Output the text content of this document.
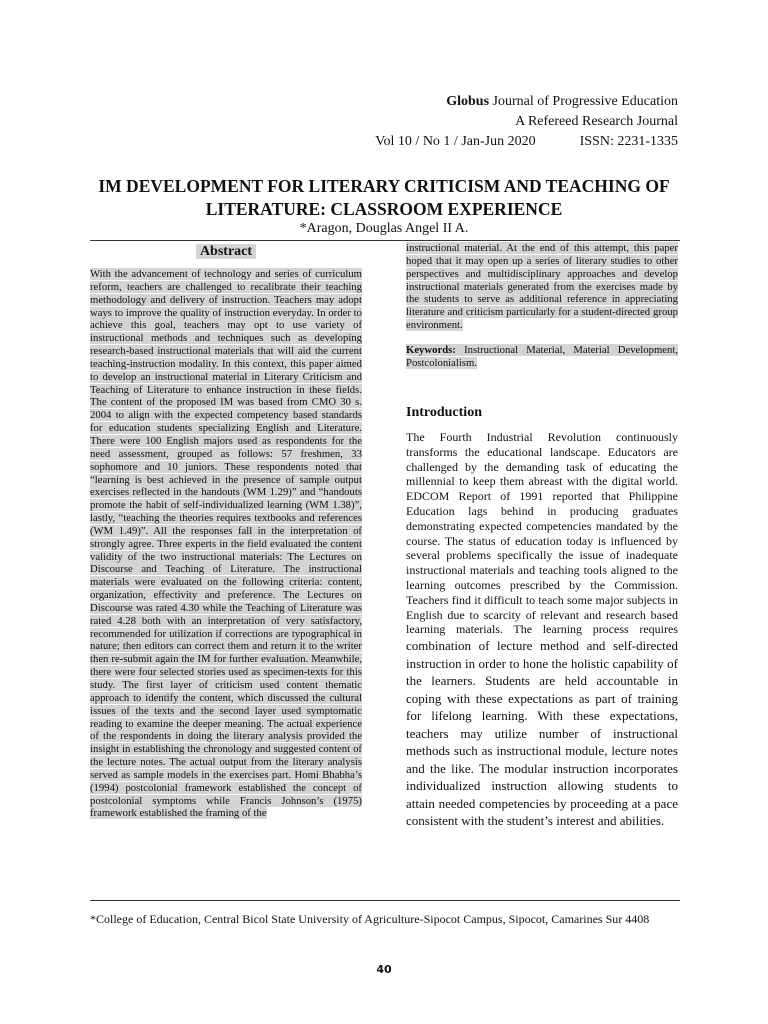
Globus Journal of Progressive Education
A Refereed Research Journal
Vol 10 / No 1 / Jan-Jun 2020	ISSN: 2231-1335
IM DEVELOPMENT FOR LITERARY CRITICISM AND TEACHING OF
LITERATURE: CLASSROOM EXPERIENCE
*Aragon, Douglas Angel II A.
Abstract
With the advancement of technology and series of curriculum reform, teachers are challenged to recalibrate their teaching methodology and delivery of instruction. Teachers may adopt ways to improve the quality of instruction everyday. In order to achieve this goal, teachers may opt to use variety of instructional methods and techniques such as developing research-based instructional materials that will aid the current teaching-instruction modality. In this context, this paper aimed to develop an instructional material in Literary Criticism and Teaching of Literature to enhance instruction in these fields. The content of the proposed IM was based from CMO 30 s. 2004 to align with the expected competency based standards for education students specializing English and Literature. There were 100 English majors used as respondents for the need assessment, grouped as follows: 57 freshmen, 33 sophomore and 10 juniors. These respondents noted that “learning is best achieved in the presence of sample output exercises reflected in the handouts (WM 1.29)” and “handouts promote the habit of self-individualized learning (WM 1.38)”, lastly, “teaching the theories requires textbooks and references (WM 1.49)”. All the responses fall in the interpretation of strongly agree. Three experts in the field evaluated the content validity of the two instructional materials: The Lectures on Discourse and Teaching of Literature. The instructional materials were evaluated on the following criteria: content, organization, effectivity and preference. The Lectures on Discourse was rated 4.30 while the Teaching of Literature was rated 4.28 both with an interpretation of very satisfactory, recommended for utilization if corrections are typographical in nature; then editors can correct them and return it to the writer then re-submit again the IM for further evaluation. Meanwhile, there were four selected stories used as specimen-texts for this study. The first layer of criticism used content thematic approach to identify the content, which discussed the cultural issues of the texts and the second layer used symptomatic reading to examine the deeper meaning. The actual experience of the respondents in doing the literary analysis provided the insight in establishing the chronology and suggested content of the lecture notes. The actual output from the literary analysis served as sample models in the exercises part. Homi Bhabha’s (1994) postcolonial framework established the concept of postcolonial symptoms while Francis Johnson’s (1975) framework established the framing of the
instructional material. At the end of this attempt, this paper hoped that it may open up a series of literary studies to other perspectives and multidisciplinary approaches and develop instructional materials generated from the exercises made by the students to serve as additional reference in appreciating literature and criticism particularly for a student-directed group environment.
Keywords: Instructional Material, Material Development, Postcolonialism.
Introduction
The Fourth Industrial Revolution continuously transforms the educational landscape. Educators are challenged by the demanding task of educating the millennial to keep them abreast with the digital world. EDCOM Report of 1991 reported that Philippine Education lags behind in producing graduates demonstrating expected competencies mandated by the course. The status of education today is influenced by several problems specifically the issue of inadequate instructional materials and teaching tools aligned to the learning outcomes prescribed by the Commission. Teachers find it difficult to teach some major subjects in English due to scarcity of relevant and research based learning materials. The learning process requires combination of lecture method and self-directed instruction in order to hone the holistic capability of the learners. Students are held accountable in coping with these expectations as part of training for lifelong learning. With these expectations, teachers may utilize number of instructional methods such as instructional module, lecture notes and the like. The modular instruction incorporates individualized instruction allowing students to attain needed competencies by proceeding at a pace consistent with the student’s interest and abilities.
*College of Education, Central Bicol State University of Agriculture-Sipocot Campus, Sipocot, Camarines Sur 4408
40
